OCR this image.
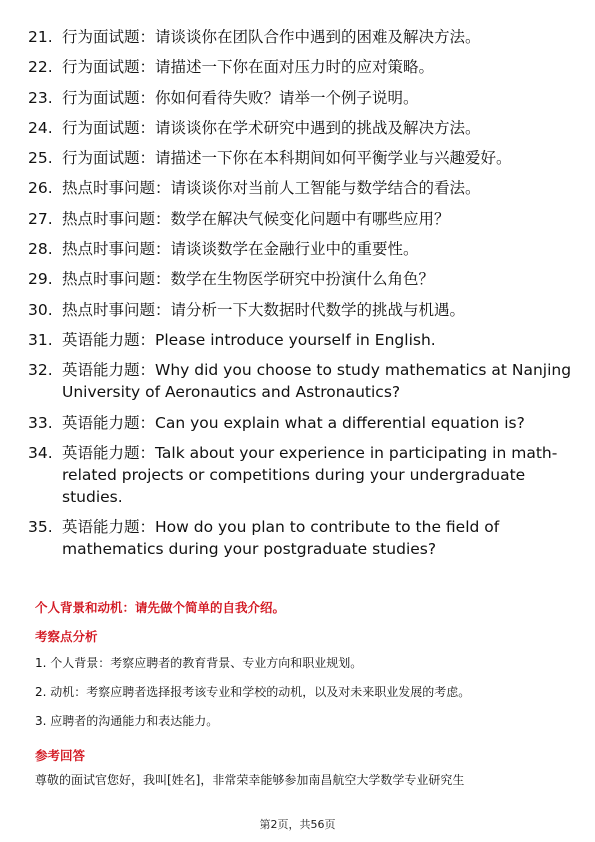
21. 行为面试题：请谈谈你在团队合作中遇到的困难及解决方法。
22. 行为面试题：请描述一下你在面对压力时的应对策略。
23. 行为面试题：你如何看待失败？请举一个例子说明。
24. 行为面试题：请谈谈你在学术研究中遇到的挑战及解决方法。
25. 行为面试题：请描述一下你在本科期间如何平衡学业与兴趣爱好。
26. 热点时事问题：请谈谈你对当前人工智能与数学结合的看法。
27. 热点时事问题：数学在解决气候变化问题中有哪些应用？
28. 热点时事问题：请谈谈数学在金融行业中的重要性。
29. 热点时事问题：数学在生物医学研究中扮演什么角色？
30. 热点时事问题：请分析一下大数据时代数学的挑战与机遇。
31. 英语能力题：Please introduce yourself in English.
32. 英语能力题：Why did you choose to study mathematics at Nanjing University of Aeronautics and Astronautics?
33. 英语能力题：Can you explain what a differential equation is?
34. 英语能力题：Talk about your experience in participating in math-related projects or competitions during your undergraduate studies.
35. 英语能力题：How do you plan to contribute to the field of mathematics during your postgraduate studies?
个人背景和动机：请先做个简单的自我介绍。
考察点分析
1. 个人背景：考察应聘者的教育背景、专业方向和职业规划。
2. 动机：考察应聘者选择报考该专业和学校的动机，以及对未来职业发展的考虑。
3. 应聘者的沟通能力和表达能力。
参考回答

尊敬的面试官您好，我叫[姓名]，非常荣幸能够参加南昌航空大学数学专业研究生

第2页，共56页
